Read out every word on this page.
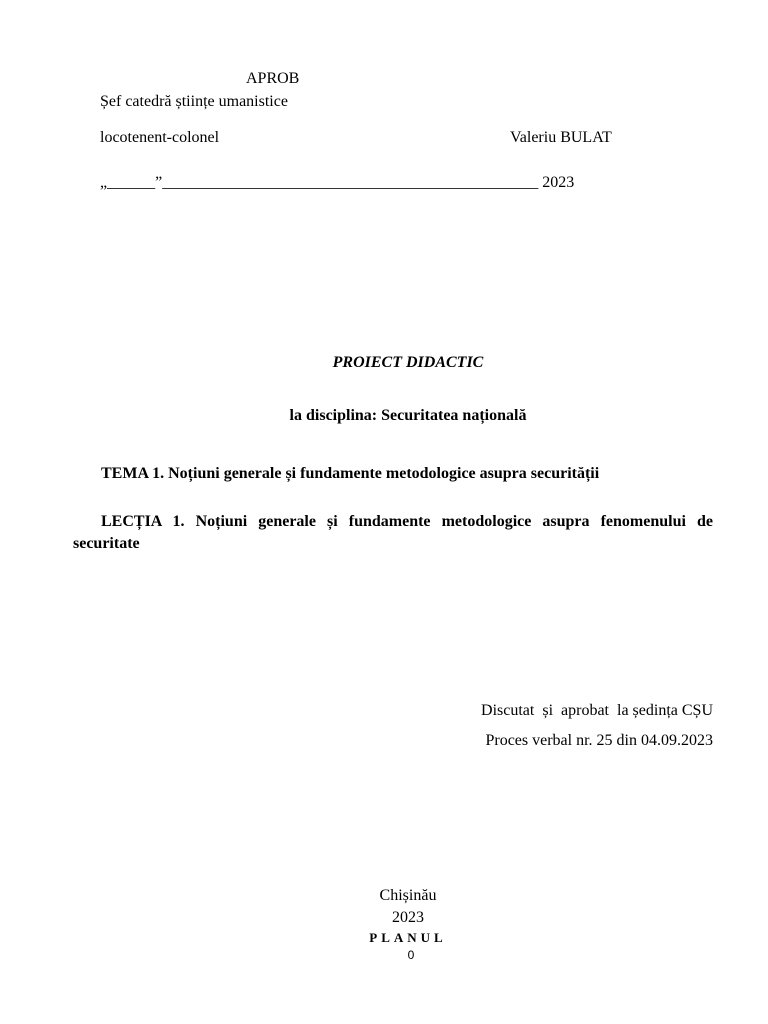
APROB
Șef catedră științe umanistice
locotenent-colonel	Valeriu BULAT
„______”_______________________________________________ 2023
PROIECT DIDACTIC
la disciplina: Securitatea națională
TEMA 1. Noțiuni generale și fundamente metodologice asupra securității
LECȚIA 1. Noțiuni generale și fundamente metodologice asupra fenomenului de securitate
Discutat  și  aprobat  la ședința CȘU
Proces verbal nr. 25 din 04.09.2023
Chișinău
2023
PLANUL
0
